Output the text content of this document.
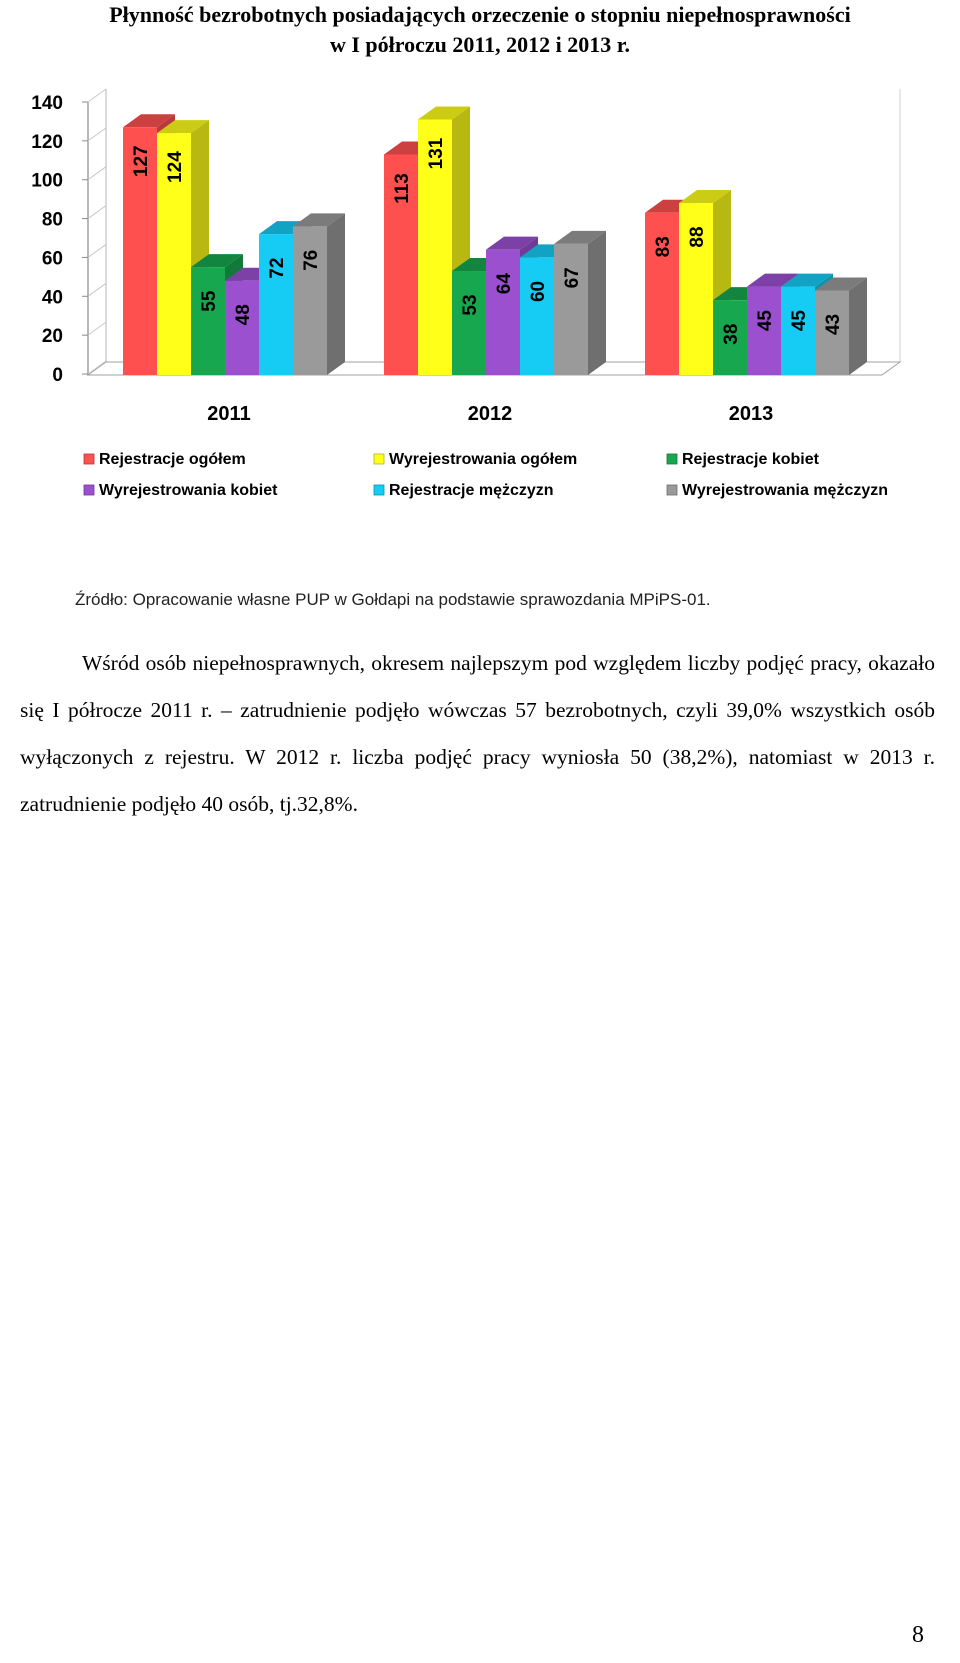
Płynność bezrobotnych posiadających orzeczenie o stopniu niepełnosprawności
w I półroczu 2011, 2012 i 2013 r.
0
20
40
60
80
100
120
140
127 124
55
48
72 76
2011
113
131
53
64 60
67
2012
83 88
38
45 45 43
2013
Rejestracje ogółem	Wyrejestrowania ogółem	Rejestracje kobiet
Wyrejestrowania kobiet	Rejestracje mężczyzn	Wyrejestrowania mężczyzn
Źródło: Opracowanie własne PUP w Gołdapi na podstawie sprawozdania MPiPS-01.

Wśród osób niepełnosprawnych, okresem najlepszym pod względem liczby podjęć pracy, okazało się I półrocze 2011 r. – zatrudnienie podjęło wówczas 57 bezrobotnych, czyli 39,0% wszystkich osób wyłączonych z rejestru. W 2012 r. liczba podjęć pracy wyniosła 50 (38,2%), natomiast w 2013 r. zatrudnienie podjęło 40 osób, tj.32,8%.

8
